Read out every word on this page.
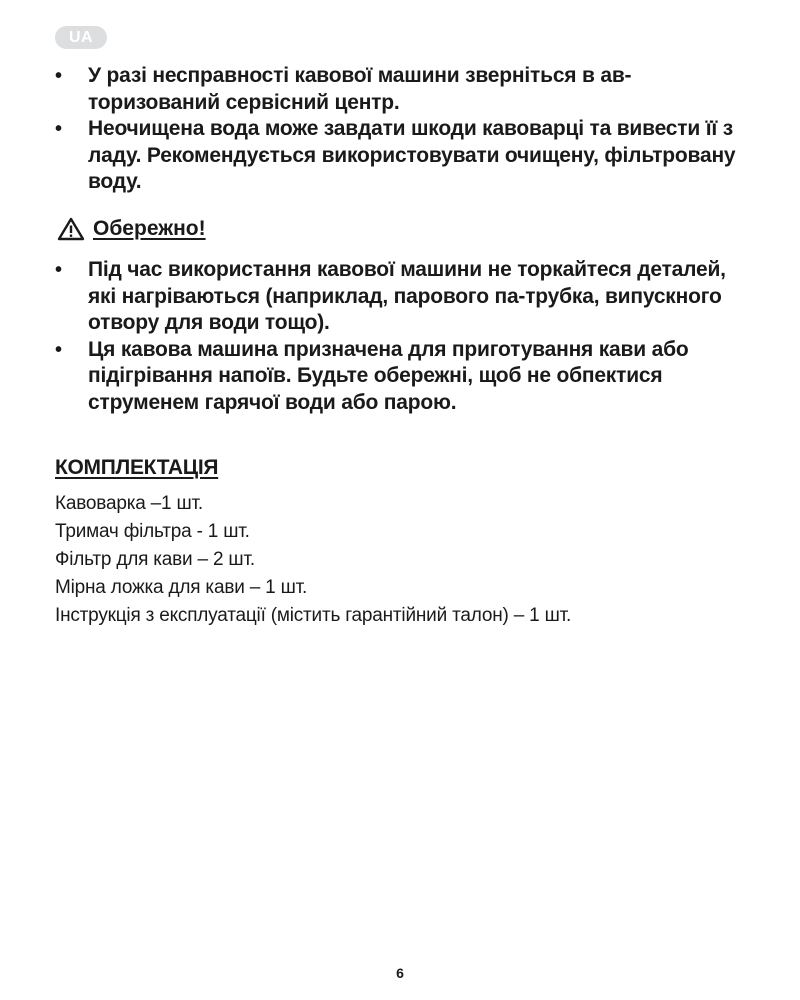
UA
• У разі несправності кавової машини зверніться в ав-торизований сервісний центр.
• Неочищена вода може завдати шкоди кавоварці та вивести її з ладу. Рекомендується використовувати очищену, фільтровану воду.
Обережно!
• Під час використання кавової машини не торкайтеся деталей, які нагріваються (наприклад, парового па-трубка, випускного отвору для води тощо).
• Ця кавова машина призначена для приготування кави або підігрівання напоїв. Будьте обережні, щоб не обпектися струменем гарячої води або парою.
КОМПЛЕКТАЦІЯ
Кавоварка –1 шт.
Тримач фільтра - 1 шт.
Фільтр для кави – 2 шт.
Мірна ложка для кави – 1 шт.
Інструкція з експлуатації (містить гарантійний талон) – 1 шт.
6
